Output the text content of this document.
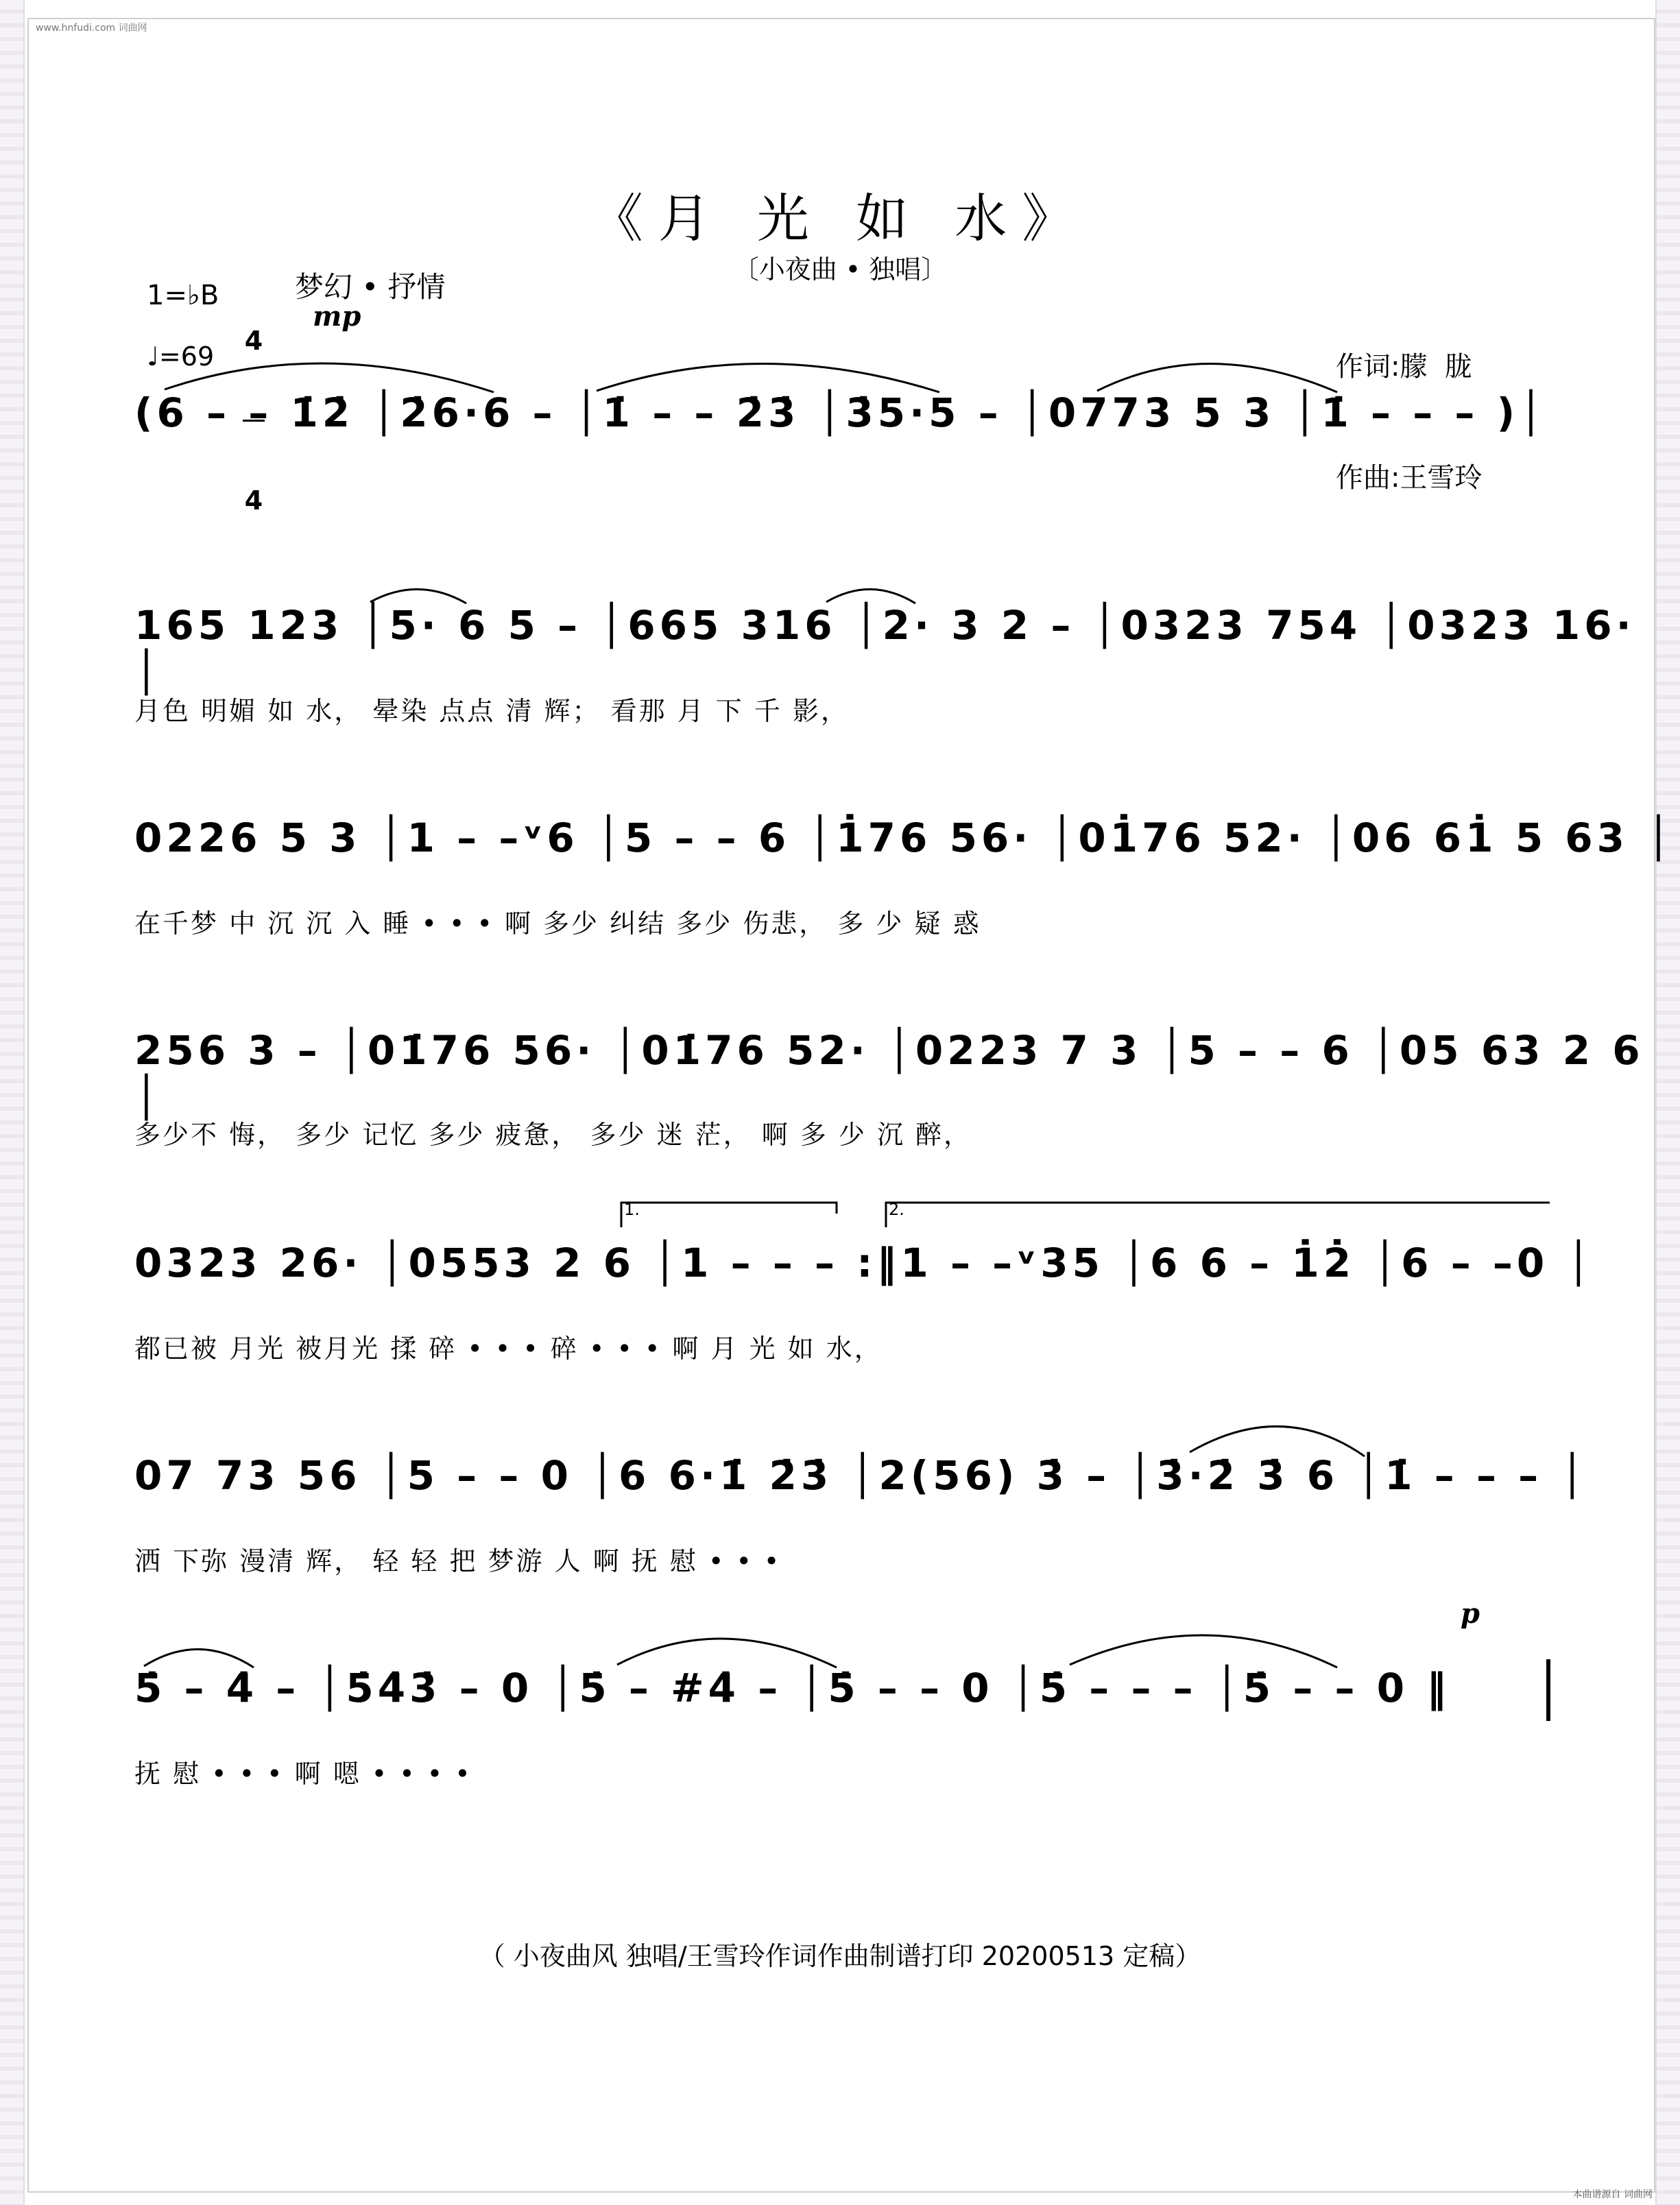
www.hnfudi.com 词曲网
《月 光 如 水》
〔小夜曲 • 独唱〕
1=♭B

4

4

梦幻 • 抒情
mp
♩=69

	作词:朦  胧

作曲:王雪玲

(6 – – 1̇2̇ │2̇6·6 – │1̇ – – 2̇3̇ │3̇5·5 – │0773 5 3 │1̇ – – – )│
165 123 │5· 6 5 – │665 316 │2· 3 2 – │0323 754 │0323 16· │
月色 明媚 如 水， 晕染 点点 清 辉； 看那 月 下 千 影，
0226 5 3 │1 – –ᵛ6 │5 – – 6 │1̇76 56· │01̇76 52· │06 61̇ 5 63 │
在千梦 中 沉 沉 入 睡 • • • 啊 多少 纠结 多少 伤悲， 多 少 疑 惑
256 3 – │01̇76 56· │01̇76 52· │0223 7 3 │5 – – 6 │05 63 2 6 │
多少不 悔， 多少 记忆 多少 疲惫， 多少 迷 茫， 啊 多 少 沉 醉，
1.	2.
0323 26· │0553 2 6 │1 – – – :‖1 – –ᵛ35 │6 6 – 1̇2̇ │6 – –0 │
都已被 月光 被月光 揉 碎 • • • 碎 • • • 啊 月 光 如 水，
07 73 56 │5 – – 0 │6 6·1̇ 2̇3̇ │2(56) 3̇ – │3̇·2̇ 3̇ 6 │1̇ – – – │
洒 下弥 漫清 辉， 轻 轻 把 梦游 人 啊 抚 慰 • • •
p
5̇ – 4̇ – │5̇4̇3̇ – 0 │5̇ – #4̇ – │5̇ – – 0 │5̇ – – – │5̇ – – 0 ‖
抚 慰 • • • 啊 嗯 • • • •
（ 小夜曲风 独唱/王雪玲作词作曲制谱打印 20200513 定稿）
本曲谱源自 词曲网
